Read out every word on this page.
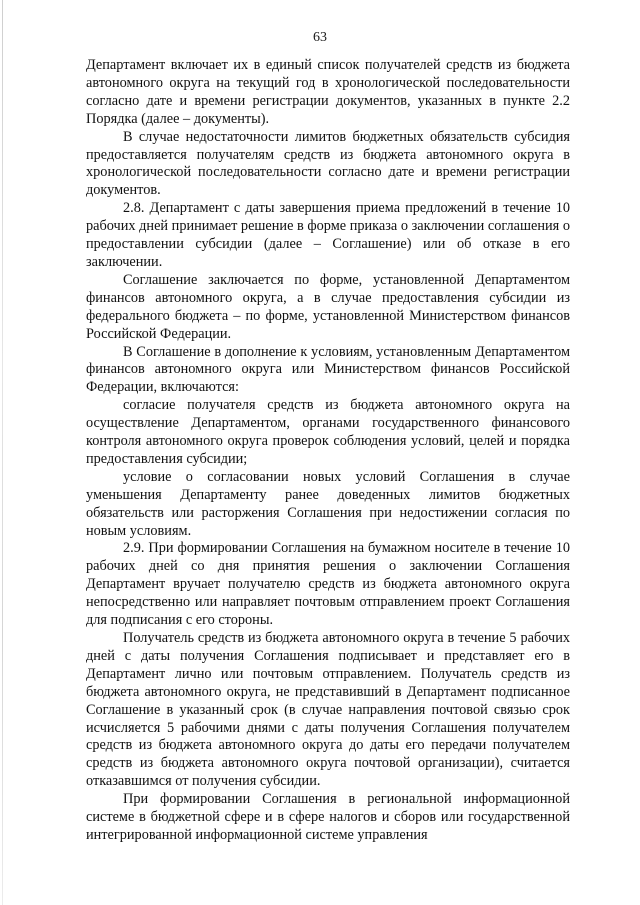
63

Департамент включает их в единый список получателей средств из бюджета автономного округа на текущий год в хронологической последовательности согласно дате и времени регистрации документов, указанных в пункте 2.2 Порядка (далее – документы).

В случае недостаточности лимитов бюджетных обязательств субсидия предоставляется получателям средств из бюджета автономного округа в хронологической последовательности согласно дате и времени регистрации документов.

2.8. Департамент с даты завершения приема предложений в течение 10 рабочих дней принимает решение в форме приказа о заключении соглашения о предоставлении субсидии (далее – Соглашение) или об отказе в его заключении.

Соглашение заключается по форме, установленной Департаментом финансов автономного округа, а в случае предоставления субсидии из федерального бюджета – по форме, установленной Министерством финансов Российской Федерации.

В Соглашение в дополнение к условиям, установленным Департаментом финансов автономного округа или Министерством финансов Российской Федерации, включаются:

согласие получателя средств из бюджета автономного округа на осуществление Департаментом, органами государственного финансового контроля автономного округа проверок соблюдения условий, целей и порядка предоставления субсидии;

условие о согласовании новых условий Соглашения в случае уменьшения Департаменту ранее доведенных лимитов бюджетных обязательств или расторжения Соглашения при недостижении согласия по новым условиям.

2.9. При формировании Соглашения на бумажном носителе в течение 10 рабочих дней со дня принятия решения о заключении Соглашения Департамент вручает получателю средств из бюджета автономного округа непосредственно или направляет почтовым отправлением проект Соглашения для подписания с его стороны.

Получатель средств из бюджета автономного округа в течение 5 рабочих дней с даты получения Соглашения подписывает и представляет его в Департамент лично или почтовым отправлением. Получатель средств из бюджета автономного округа, не представивший в Департамент подписанное Соглашение в указанный срок (в случае направления почтовой связью срок исчисляется 5 рабочими днями с даты получения Соглашения получателем средств из бюджета автономного округа до даты его передачи получателем средств из бюджета автономного округа почтовой организации), считается отказавшимся от получения субсидии.

При формировании Соглашения в региональной информационной системе в бюджетной сфере и в сфере налогов и сборов или государственной интегрированной информационной системе управления
